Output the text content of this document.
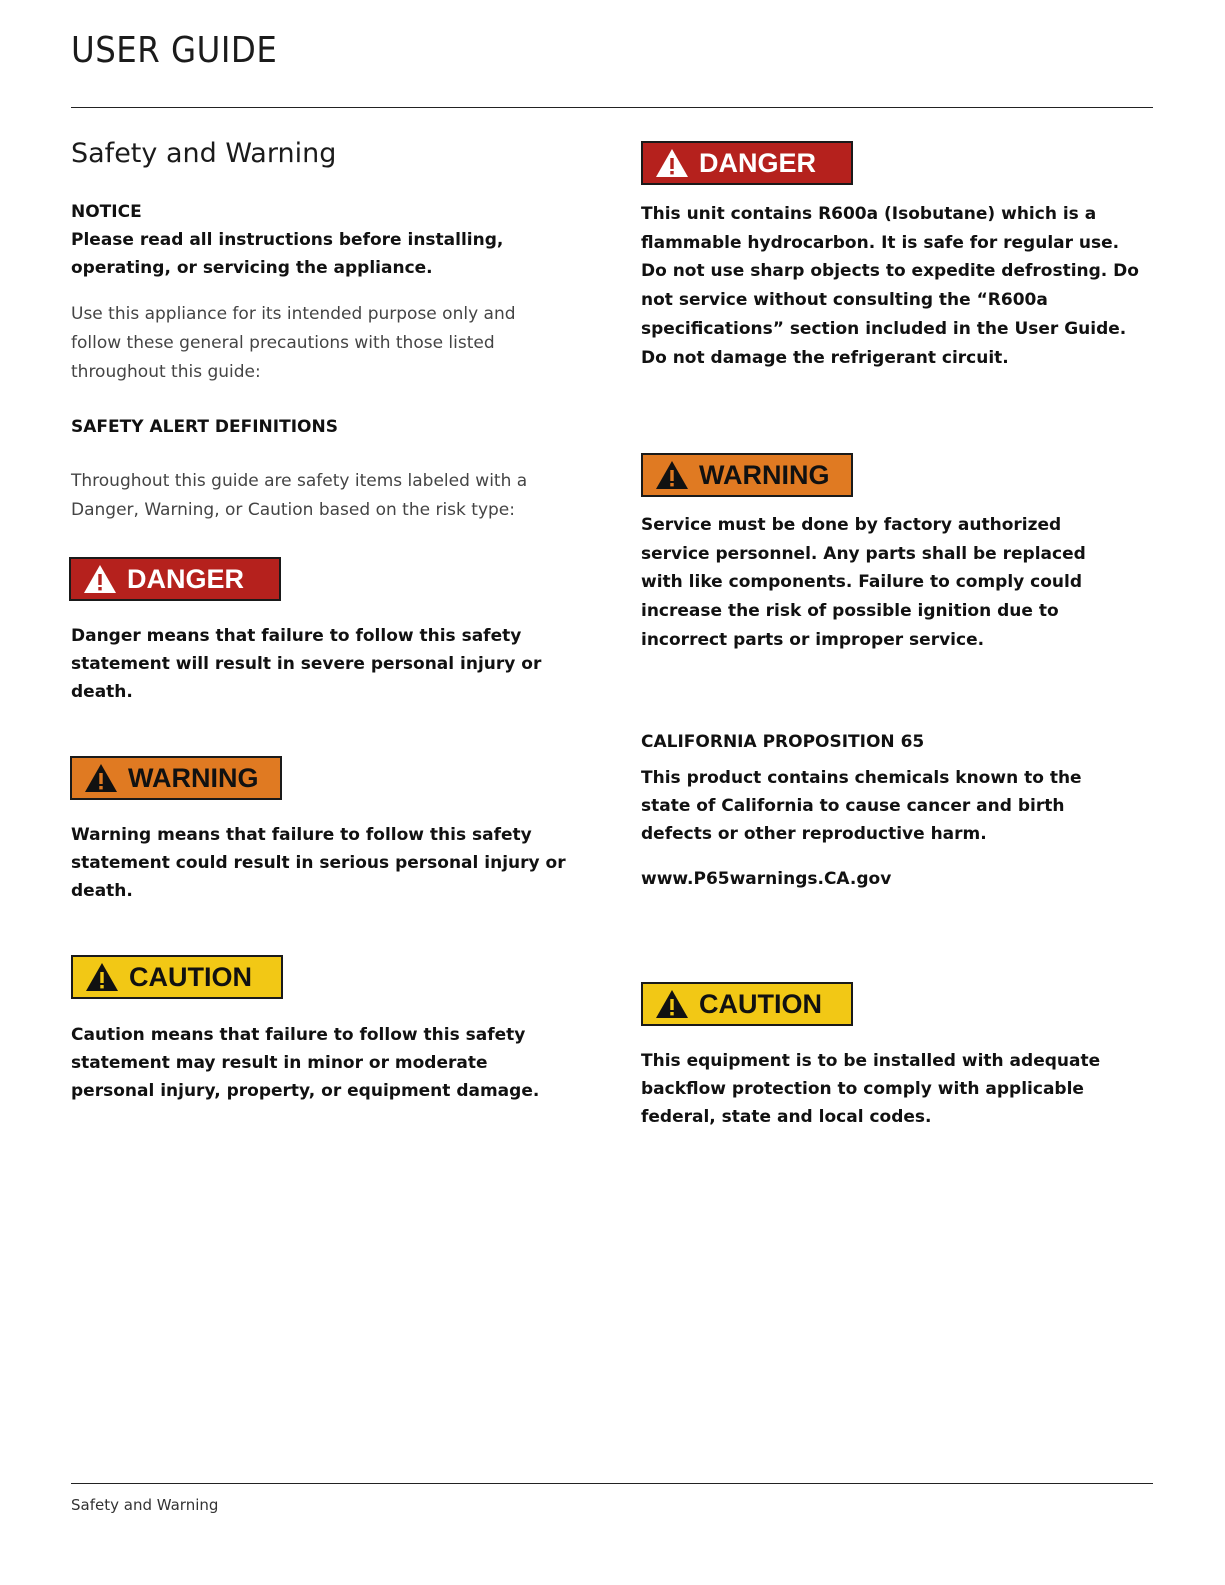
USER GUIDE
Safety and Warning
NOTICE
Please read all instructions before installing, operating, or servicing the appliance.
Use this appliance for its intended purpose only and follow these general precautions with those listed throughout this guide:
SAFETY ALERT DEFINITIONS
Throughout this guide are safety items labeled with a Danger, Warning, or Caution based on the risk type:
DANGER
Danger means that failure to follow this safety statement will result in severe personal injury or death.
WARNING
Warning means that failure to follow this safety statement could result in serious personal injury or death.
CAUTION
Caution means that failure to follow this safety statement may result in minor or moderate personal injury, property, or equipment damage.
DANGER
This unit contains R600a (Isobutane) which is a flammable hydrocarbon. It is safe for regular use. Do not use sharp objects to expedite defrosting. Do not service without consulting the “R600a specifications” section included in the User Guide. Do not damage the refrigerant circuit.
WARNING
Service must be done by factory authorized service personnel. Any parts shall be replaced with like components. Failure to comply could increase the risk of possible ignition due to incorrect parts or improper service.
CALIFORNIA PROPOSITION 65
This product contains chemicals known to the state of California to cause cancer and birth defects or other reproductive harm.
www.P65warnings.CA.gov
CAUTION
This equipment is to be installed with adequate backflow protection to comply with applicable federal, state and local codes.
Safety and Warning
